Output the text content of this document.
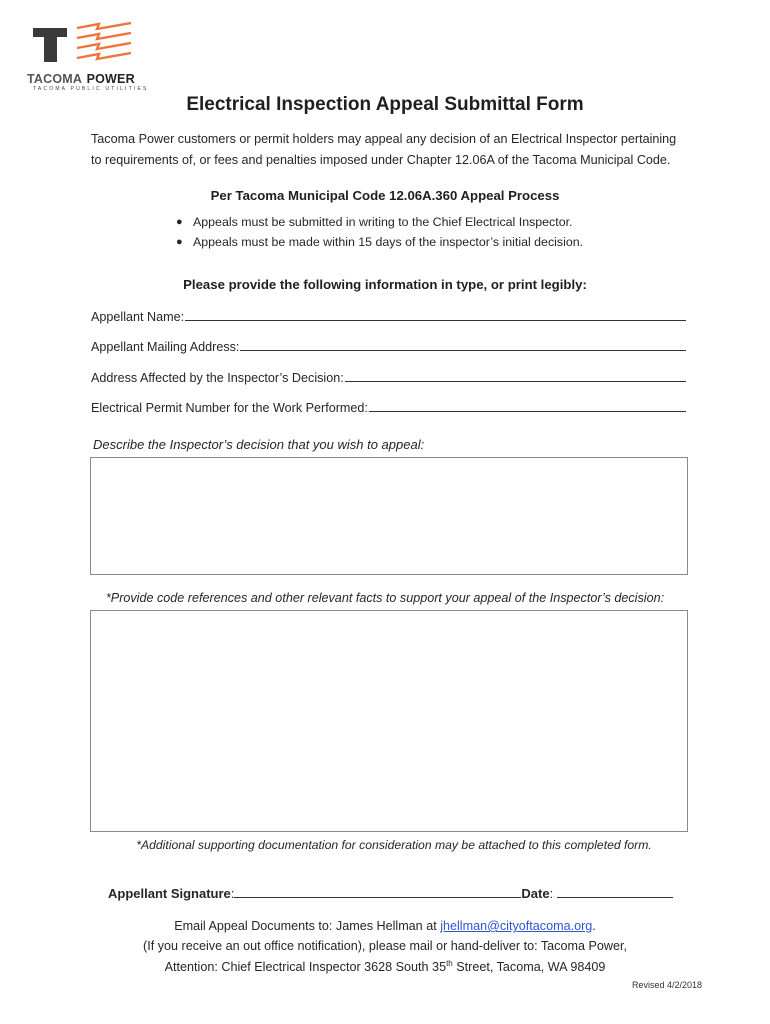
TACOMA POWER
TACOMA PUBLIC UTILITIES
Electrical Inspection Appeal Submittal Form
Tacoma Power customers or permit holders may appeal any decision of an Electrical Inspector pertaining
to requirements of, or fees and penalties imposed under Chapter 12.06A of the Tacoma Municipal Code.
Per Tacoma Municipal Code 12.06A.360 Appeal Process
● Appeals must be submitted in writing to the Chief Electrical Inspector.
● Appeals must be made within 15 days of the inspector’s initial decision.
Please provide the following information in type, or print legibly:
Appellant Name:
Appellant Mailing Address:
Address Affected by the Inspector’s Decision:
Electrical Permit Number for the Work Performed:
Describe the Inspector’s decision that you wish to appeal:
*Provide code references and other relevant facts to support your appeal of the Inspector’s decision:
*Additional supporting documentation for consideration may be attached to this completed form.
Appellant Signature :	Date :
Email Appeal Documents to: James Hellman at jhellman@cityoftacoma.org.
(If you receive an out office notification), please mail or hand-deliver to: Tacoma Power,
Attention: Chief Electrical Inspector 3628 South 35th Street, Tacoma, WA 98409
Revised 4/2/2018
